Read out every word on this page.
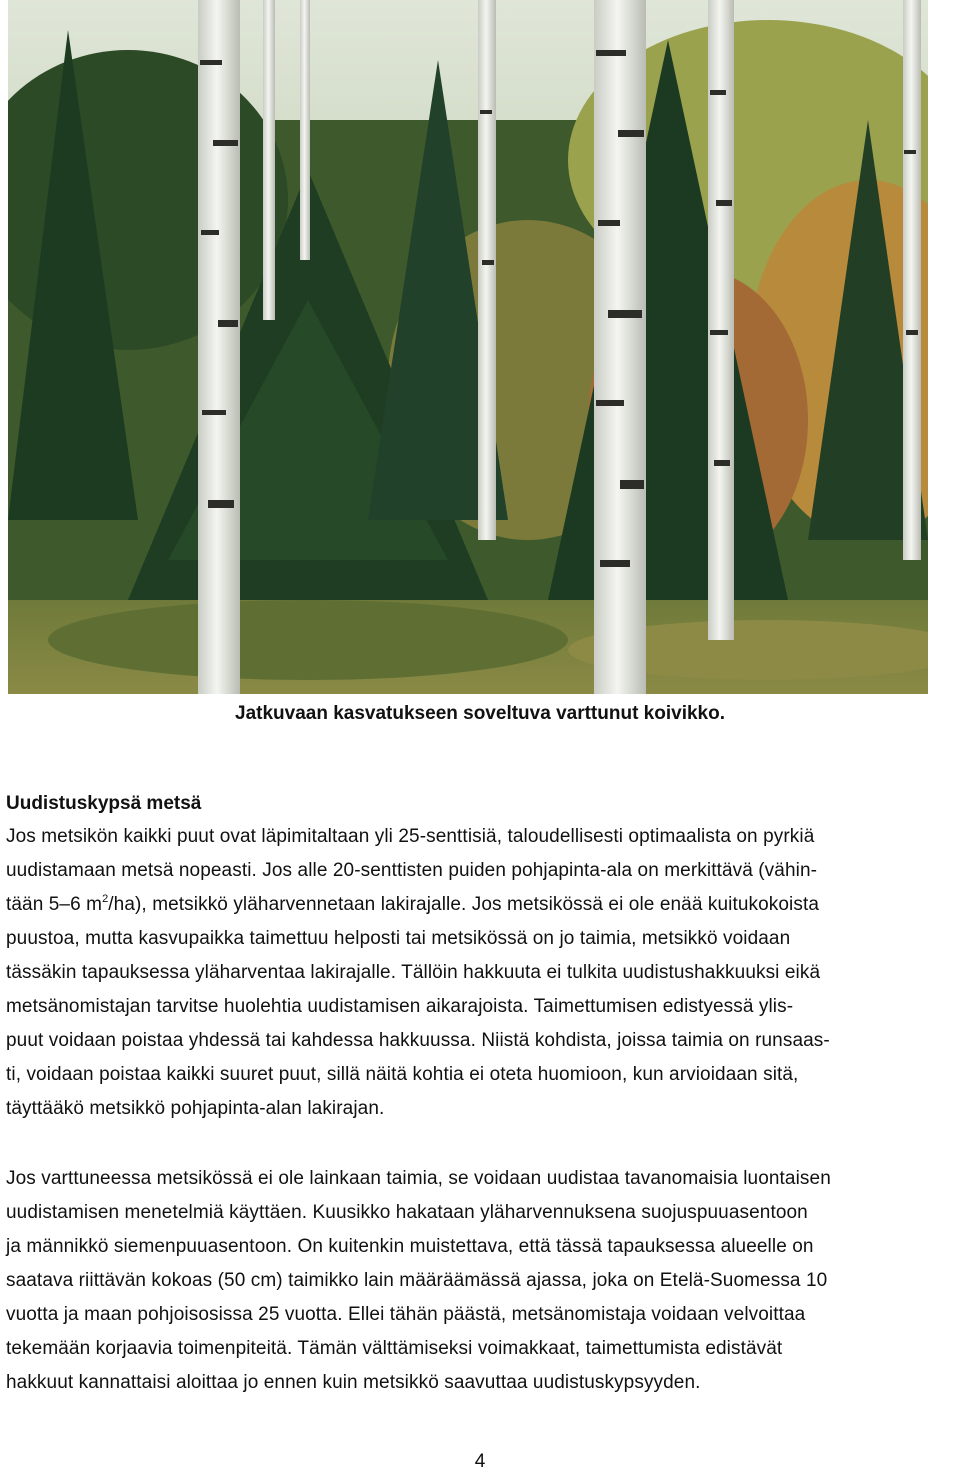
Jatkuvaan kasvatukseen soveltuva varttunut koivikko.
Uudistuskypsä metsä
Jos metsikön kaikki puut ovat läpimitaltaan yli 25-senttisiä, taloudellisesti optimaalista on pyrkiä
uudistamaan metsä nopeasti. Jos alle 20-senttisten puiden pohjapinta-ala on merkittävä (vähin-
tään 5–6 $m^2/ha$), metsikkö yläharvennetaan lakirajalle. Jos metsikössä ei ole enää kuitukokoista
puustoa, mutta kasvupaikka taimettuu helposti tai metsikössä on jo taimia, metsikkö voidaan
tässäkin tapauksessa yläharventaa lakirajalle. Tällöin hakkuuta ei tulkita uudistushakkuuksi eikä
metsänomistajan tarvitse huolehtia uudistamisen aikarajoista. Taimettumisen edistyessä ylis-
puut voidaan poistaa yhdessä tai kahdessa hakkuussa. Niistä kohdista, joissa taimia on runsaas-
ti, voidaan poistaa kaikki suuret puut, sillä näitä kohtia ei oteta huomioon, kun arvioidaan sitä,
täyttääkö metsikkö pohjapinta-alan lakirajan.
Jos varttuneessa metsikössä ei ole lainkaan taimia, se voidaan uudistaa tavanomaisia luontaisen
uudistamisen menetelmiä käyttäen. Kuusikko hakataan yläharvennuksena suojuspuuasentoon
ja männikkö siemenpuuasentoon. On kuitenkin muistettava, että tässä tapauksessa alueelle on
saatava riittävän kokoas (50 cm) taimikko lain määräämässä ajassa, joka on Etelä-Suomessa 10
vuotta ja maan pohjoisosissa 25 vuotta. Ellei tähän päästä, metsänomistaja voidaan velvoittaa
tekemään korjaavia toimenpiteitä. Tämän välttämiseksi voimakkaat, taimettumista edistävät
hakkuut kannattaisi aloittaa jo ennen kuin metsikkö saavuttaa uudistuskypsyyden.
4
